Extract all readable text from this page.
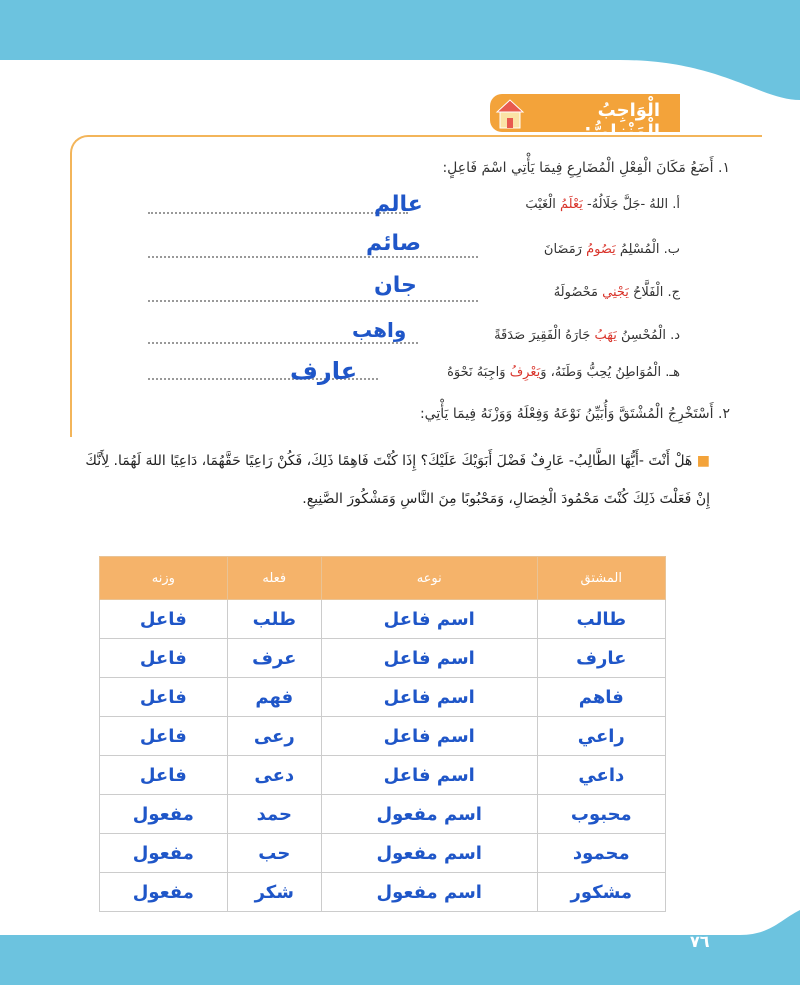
الْوَاجِبُ الْمَنْزِلِيُّ:
١. أَضَعُ مَكَانَ الْفِعْلِ الْمُضَارِعِ فِيمَا يَأْتِي اسْمَ فَاعِلٍ:
أ. اللهُ -جَلَّ جَلَالُهُ- يَعْلَمُ الْغَيْبَ
عالم
ب. الْمُسْلِمُ يَصُومُ رَمَضَانَ
صائم
ج. الْفَلَّاحُ يَجْنِي مَحْصُولَهُ
جان
د. الْمُحْسِنُ يَهَبُ جَارَهُ الْفَقِيرَ صَدَقَةً
واهب
هـ. الْمُوَاطِنُ يُحِبُّ وَطَنَهُ، وَيَعْرِفُ وَاجِبَهُ نَحْوَهُ
عارف
٢. أَسْتَخْرِجُ الْمُشْتَقَّ وَأُبَيِّنُ نَوْعَهُ وَفِعْلَهُ وَوَزْنَهُ فِيمَا يَأْتِي:
■ هَلْ أَنْتَ -أَيُّهَا الطَّالِبُ- عَارِفٌ فَضْلَ أَبَوَيْكَ عَلَيْكَ؟ إِذَا كُنْتَ فَاهِمًا ذَلِكَ، فَكُنْ رَاعِيًا حَقَّهُمَا، دَاعِيًا اللهَ لَهُمَا. لِأَنَّكَ إِنْ فَعَلْتَ ذَلِكَ كُنْتَ مَحْمُودَ الْخِصَالِ، وَمَحْبُوبًا مِنَ النَّاسِ وَمَشْكُورَ الصَّنِيعِ.
المشتق	نوعه	فعله	وزنه
طالب	اسم فاعل	طلب	فاعل
عارف	اسم فاعل	عرف	فاعل
فاهم	اسم فاعل	فهم	فاعل
راعي	اسم فاعل	رعى	فاعل
داعي	اسم فاعل	دعى	فاعل
محبوب	اسم مفعول	حمد	مفعول
محمود	اسم مفعول	حب	مفعول
مشكور	اسم مفعول	شكر	مفعول
٧٦
